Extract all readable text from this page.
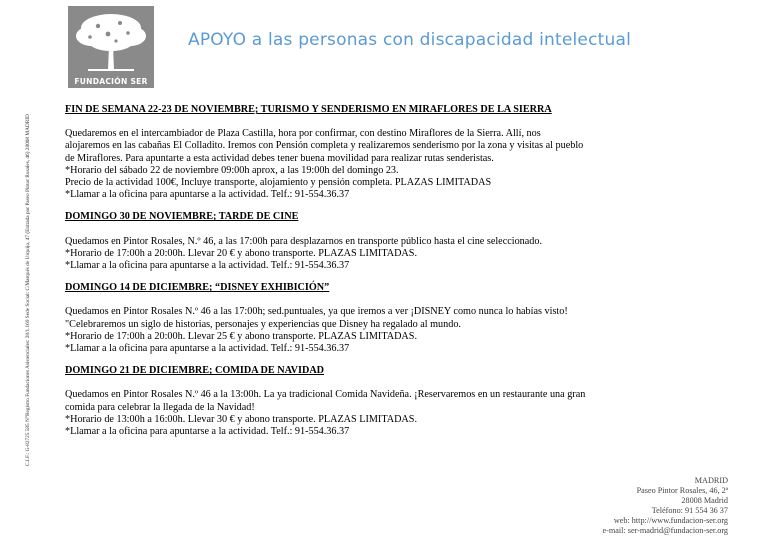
FUNDACIÓN SER
APOYO a las personas con discapacidad intelectual
C.I.F.: G-82725 585 N°Registro Fundaciones Asistenciales: 28/1.169 Sede Social: C/Marqués de Urquijo, 47 (Entrada por Paseo Pintor Rosales, 46) 28008 MADRID
FIN DE SEMANA 22-23 DE NOVIEMBRE; TURISMO Y SENDERISMO EN MIRAFLORES DE LA SIERRA

Quedaremos en el intercambiador de Plaza Castilla, hora por confirmar, con destino Miraflores de la Sierra. Allí, nos

alojaremos en las cabañas El Colladito. Iremos con Pensión completa y realizaremos senderismo por la zona y visitas al pueblo

de Miraflores. Para apuntarte a esta actividad debes tener buena movilidad para realizar rutas senderistas.

*Horario del sábado 22 de noviembre 09:00h aprox, a las 19:00h del domingo 23.

Precio de la actividad 100€, Incluye transporte, alojamiento y pensión completa. PLAZAS LIMITADAS

*Llamar a la oficina para apuntarse a la actividad. Telf.: 91-554.36.37

DOMINGO 30 DE NOVIEMBRE; TARDE DE CINE

Quedamos en Pintor Rosales, N.º 46, a las 17:00h para desplazarnos en transporte público hasta el cine seleccionado.

*Horario de 17:00h a 20:00h. Llevar 20 € y abono transporte. PLAZAS LIMITADAS.

*Llamar a la oficina para apuntarse a la actividad. Telf.: 91-554.36.37

DOMINGO 14 DE DICIEMBRE; “DISNEY EXHIBICIÓN”

Quedamos en Pintor Rosales N.º 46 a las 17:00h; sed.puntuales, ya que iremos a ver ¡DISNEY como nunca lo habías visto!

"Celebraremos un siglo de historias, personajes y experiencias que Disney ha regalado al mundo.

*Horario de 17:00h a 20:00h. Llevar 25 € y abono transporte. PLAZAS LIMITADAS.

*Llamar a la oficina para apuntarse a la actividad. Telf.: 91-554.36.37

DOMINGO 21 DE DICIEMBRE; COMIDA DE NAVIDAD

Quedamos en Pintor Rosales N.º 46 a la 13:00h. La ya tradicional Comida Navideña. ¡Reservaremos en un restaurante una gran

comida para celebrar la llegada de la Navidad!

*Horario de 13:00h a 16:00h. Llevar 30 € y abono transporte. PLAZAS LIMITADAS.

*Llamar a la oficina para apuntarse a la actividad. Telf.: 91-554.36.37

MADRID
Paseo Pintor Rosales, 46, 2ª
28008 Madrid
Teléfono: 91 554 36 37
web: http://www.fundacion-ser.org
e-mail: ser-madrid@fundacion-ser.org
